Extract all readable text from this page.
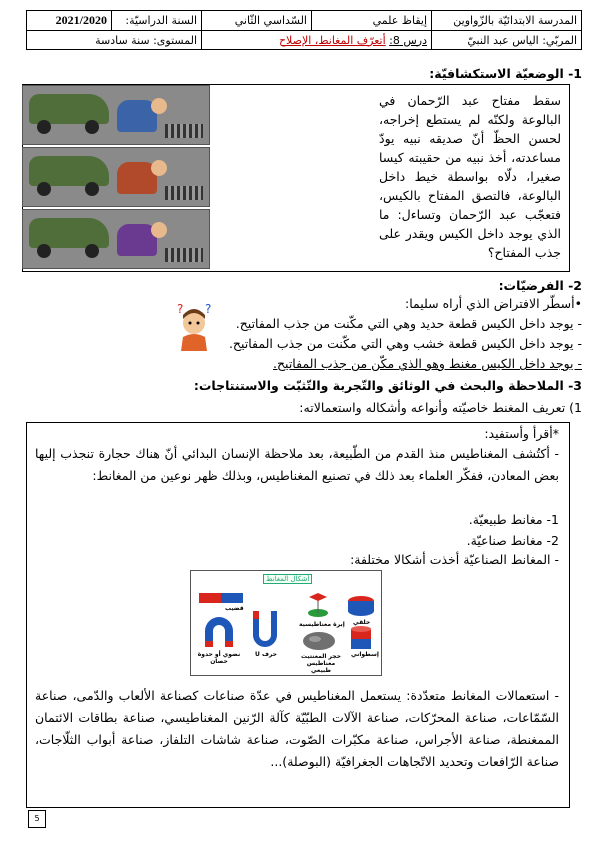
المدرسة الابتدائيّة بالزّواوين	إيقاظ علمي	السّداسي الثّاني	السنة الدراسيّة:	2021/2020
المربّي: الياس عبد النبيّ	درس 8: أتعرّف المغانط، الإصلاح		المستوى: سنة سادسة	
1- الوضعيّة الاستكشافيّة:
سقط مفتاح عبد الرّحمان في البالوعة ولكنّه لم يستطع إخراجه، لحسن الحظّ أنّ صديقه نبيه يودّ مساعدته، أخذ نبيه من حقيبته كيسا صغيرا، دلّاه بواسطة خيط داخل البالوعة، فالتصق المفتاح بالكيس، فتعجّب عبد الرّحمان وتساءل: ما الذي يوجد داخل الكيس ويقدر على جذب المفتاح؟
? ?
2- الفرضيّات:
•أسطّر الافتراض الذي أراه سليما:
- يوجد داخل الكيس قطعة حديد وهي التي مكّنت من جذب المفاتيح.
- يوجد داخل الكيس قطعة خشب وهي التي مكّنت من جذب المفاتيح.
- يوجد داخل الكيس مغنط وهو الذي مكّن من جذب المفاتيح.
3- الملاحظة والبحث في الوثائق والتّجربة والتّثبّت والاستنتاجات:
1) تعريف المغنط خاصيّته وأنواعه وأشكاله واستعمالاته:
*أقرأ وأستفيد:
- أكتُشف المغناطيس منذ القدم من الطّبيعة، بعد ملاحظة الإنسان البدائي أنّ هناك حجارة تنجذب إليها بعض المعادن، ففكّر العلماء بعد ذلك في تصنيع المغناطيس، وبذلك ظهر نوعين من المغانط:
1- مغانط طبيعيّة.
2- مغانط صناعيّة.
- المغانط الصناعيّة أخذت أشكالا مختلفة:
- استعمالات المغانط متعدّدة: يستعمل المغناطيس في عدّة صناعات كصناعة الألعاب والدّمى، صناعة السّمّاعات، صناعة المحرّكات، صناعة الآلات الطبّيّة كآلة الرّنين المغناطيسي، صناعة بطاقات الائتمان الممغنطة، صناعة الأجراس، صناعة مكبّرات الصّوت، صناعة شاشات التلفاز، صناعة أبواب الثلّاجات، صناعة الرّافعات وتحديد الاتّجاهات الجغرافيّة (البوصلة)...
أشكال المغانط
قضيب
إبرة مغناطيسية حلقي
إسطواني
نضوي أو حدوة حصان
حرف U	حجر المغنتيت مغناطيس طبيعي
5
